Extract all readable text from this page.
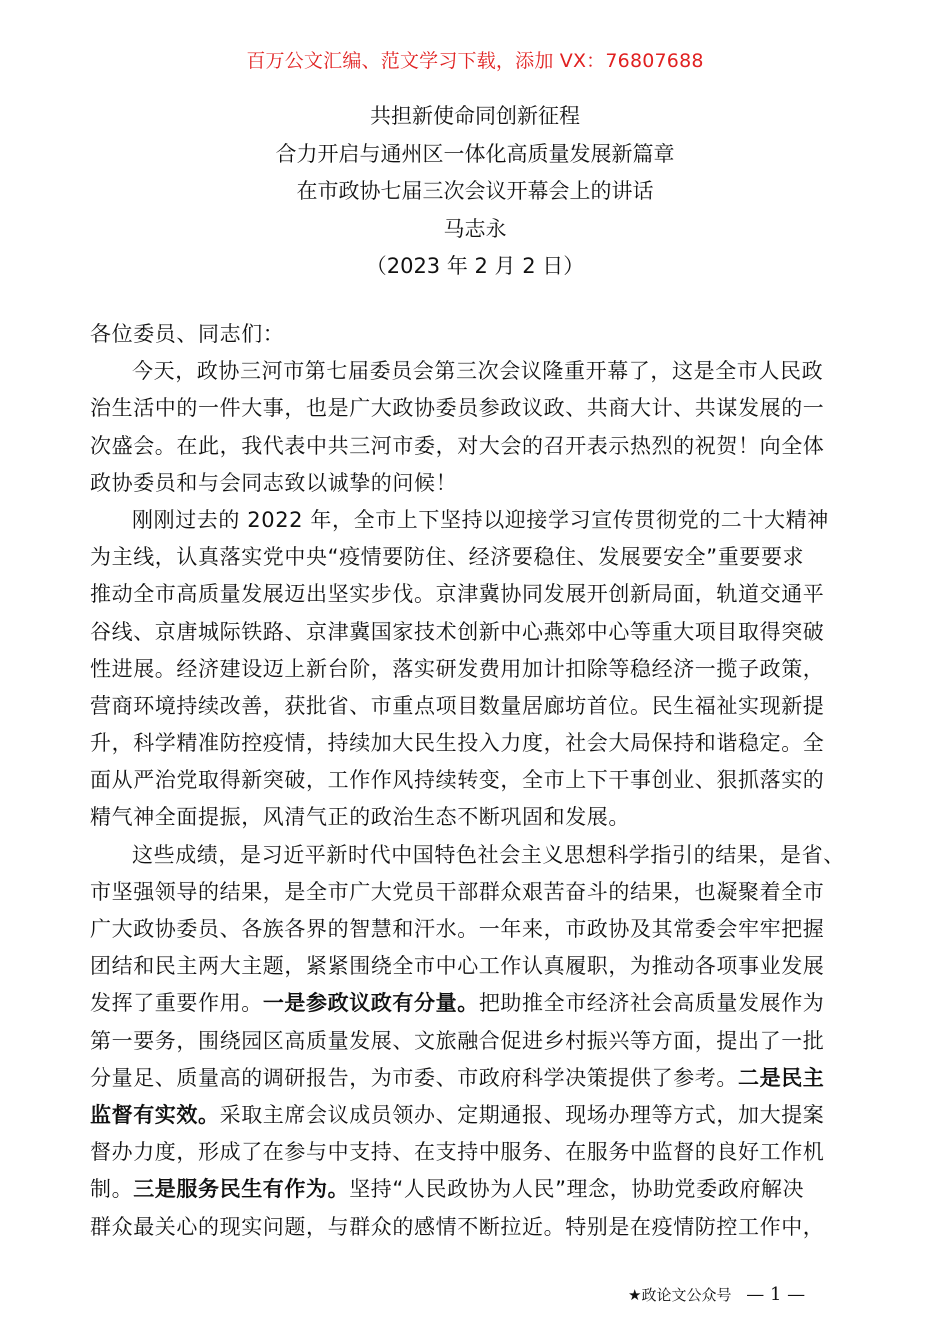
百万公文汇编、范文学习下载，添加 VX：76807688
共担新使命同创新征程
合力开启与通州区一体化高质量发展新篇章
在市政协七届三次会议开幕会上的讲话
马志永
（2023 年 2 月 2 日）
各位委员、同志们：
今天，政协三河市第七届委员会第三次会议隆重开幕了，这是全市人民政
治生活中的一件大事，也是广大政协委员参政议政、共商大计、共谋发展的一
次盛会。在此，我代表中共三河市委，对大会的召开表示热烈的祝贺！向全体
政协委员和与会同志致以诚挚的问候！
刚刚过去的 2022 年，全市上下坚持以迎接学习宣传贯彻党的二十大精神
为主线，认真落实党中央“疫情要防住、经济要稳住、发展要安全”重要要求
推动全市高质量发展迈出坚实步伐。京津冀协同发展开创新局面，轨道交通平
谷线、京唐城际铁路、京津冀国家技术创新中心燕郊中心等重大项目取得突破
性进展。经济建设迈上新台阶，落实研发费用加计扣除等稳经济一揽子政策，
营商环境持续改善，获批省、市重点项目数量居廊坊首位。民生福祉实现新提
升，科学精准防控疫情，持续加大民生投入力度，社会大局保持和谐稳定。全
面从严治党取得新突破，工作作风持续转变，全市上下干事创业、狠抓落实的
精气神全面提振，风清气正的政治生态不断巩固和发展。
这些成绩，是习近平新时代中国特色社会主义思想科学指引的结果，是省、
市坚强领导的结果，是全市广大党员干部群众艰苦奋斗的结果，也凝聚着全市
广大政协委员、各族各界的智慧和汗水。一年来，市政协及其常委会牢牢把握
团结和民主两大主题，紧紧围绕全市中心工作认真履职，为推动各项事业发展
发挥了重要作用。一是参政议政有分量。把助推全市经济社会高质量发展作为
第一要务，围绕园区高质量发展、文旅融合促进乡村振兴等方面，提出了一批
分量足、质量高的调研报告，为市委、市政府科学决策提供了参考。二是民主
监督有实效。采取主席会议成员领办、定期通报、现场办理等方式，加大提案
督办力度，形成了在参与中支持、在支持中服务、在服务中监督的良好工作机
制。三是服务民生有作为。坚持“人民政协为人民”理念，协助党委政府解决
群众最关心的现实问题，与群众的感情不断拉近。特别是在疫情防控工作中，
★政论文公众号 — 1 —
